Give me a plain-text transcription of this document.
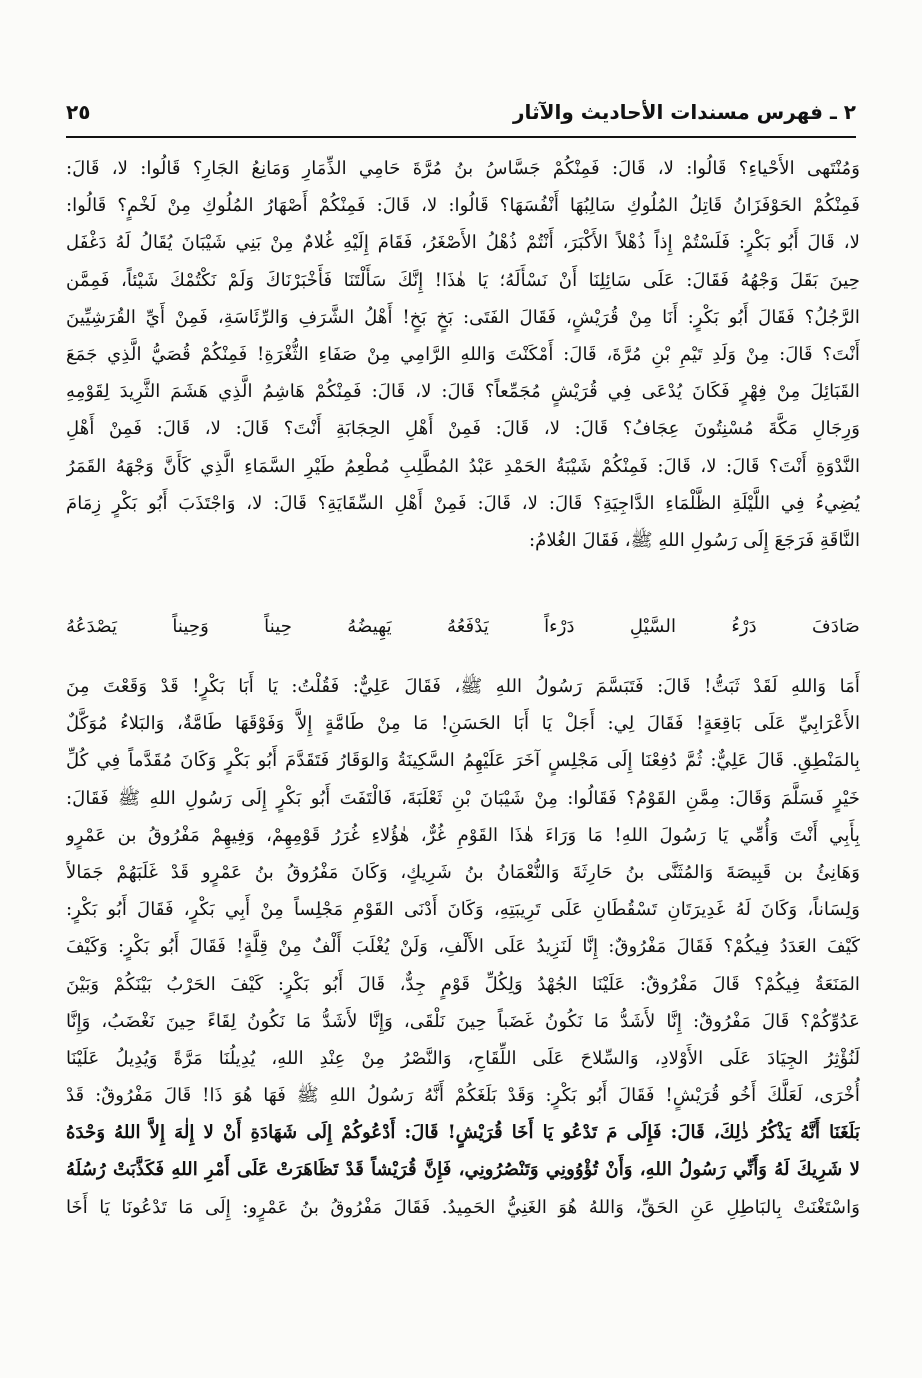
٢ ـ فهرس مسندات الأحاديث والآثار
٢٥
وَمُنْتَهى الأَحْياءِ؟ قَالُوا: لا، قَالَ: فَمِنْكُمْ جَسَّاسُ بنُ مُرَّةَ حَامِي الذِّمَارِ وَمَانِعُ الجَارِ؟ قَالُوا: لا، قَالَ:
فَمِنْكُمْ الحَوْفَزَانُ قَاتِلُ المُلُوكِ سَالِبُهَا أَنْفُسَهَا؟ قَالُوا: لا، قَالَ: فَمِنْكُمْ أَصْهَارُ المُلُوكِ مِنْ لَخْمٍ؟ قَالُوا:
لا، قَالَ أَبُو بَكْرٍ: فَلَسْتُمْ إِذاً ذُهْلاً الأَكْبَرَ، أَنْتُمْ ذُهْلُ الأَصْغَرُ، فَقَامَ إِلَيْهِ غُلامٌ مِنْ بَنِي شَيْبَانَ يُقَالُ لَهُ دَغْفَل
حِينَ بَقَلَ وَجْهُهُ فَقَالَ: عَلَى سَائِلِنَا أَنْ نَسْأَلَهُ؛ يَا هٰذَا! إِنَّكَ سَأَلْتَنَا فَأَخْبَرْنَاكَ وَلَمْ نَكْتُمْكَ شَيْئاً، فَمِمَّن
الرَّجُلُ؟ فَقَالَ أَبُو بَكْرٍ: أَنَا مِنْ قُرَيْشٍ، فَقَالَ الفَتَى: بَخٍ بَخٍ! أَهْلُ الشَّرَفِ وَالرِّئَاسَةِ، فَمِنْ أَيِّ القُرَشِيِّينَ
أَنْتَ؟ قَالَ: مِنْ وَلَدِ تَيْمِ بْنِ مُرَّةَ، قَالَ: أَمْكَنْتَ وَاللهِ الرَّامِي مِنْ صَفَاءِ الثُّغْرَةِ! فَمِنْكُمْ قُصَيُّ الَّذِي جَمَعَ
القَبَائِلَ مِنْ فِهْرٍ فَكَانَ يُدْعَى فِي قُرَيْشٍ مُجَمِّعاً؟ قَالَ: لا، قَالَ: فَمِنْكُمْ هَاشِمُ الَّذِي هَشَمَ الثَّرِيدَ لِقَوْمِهِ
وَرِجَالِ مَكَّةَ مُسْنِتُونَ عِجَافُ؟ قَالَ: لا، قَالَ: فَمِنْ أَهْلِ الحِجَابَةِ أَنْتَ؟ قَالَ: لا، قَالَ: فَمِنْ أَهْلِ
النَّدْوَةِ أَنْتَ؟ قَالَ: لا، قَالَ: فَمِنْكُمْ شَيْبَةُ الحَمْدِ عَبْدُ المُطَّلِبِ مُطْعِمُ طَيْرِ السَّمَاءِ الَّذِي كَأَنَّ وَجْهَهُ القَمَرُ
يُضِيءُ فِي اللَّيْلَةِ الظَّلْمَاءِ الدَّاجِيَةِ؟ قَالَ: لا، قَالَ: فَمِنْ أَهْلِ السِّقَايَةِ؟ قَالَ: لا، وَاجْتَذَبَ أَبُو بَكْرٍ زِمَامَ
النَّاقَةِ فَرَجَعَ إِلَى رَسُولِ اللهِ ﷺ، فَقَالَ الغُلامُ:
صَادَفَ
دَرْءُ
السَّيْلِ
دَرْءاً
يَدْفَعُهُ
يَهِيضُهُ
حِيناً
وَحِيناً
يَصْدَعُهُ
أَمَا وَاللهِ لَقَدْ ثَبَتُّ! قَالَ: فَتَبَسَّمَ رَسُولُ اللهِ ﷺ، فَقَالَ عَلِيٌّ: فَقُلْتُ: يَا أَبَا بَكْرٍ! قَدْ وَقَعْتَ مِنَ
الأَعْرَابِيِّ عَلَى بَاقِعَةٍ! فَقَالَ لِي: أَجَلْ يَا أَبَا الحَسَنِ! مَا مِنْ طَامَّةٍ إِلاَّ وَفَوْقَهَا طَامَّةٌ، وَالبَلاءُ مُوَكَّلٌ
بِالمَنْطِقِ. قَالَ عَلِيٌّ: ثُمَّ دُفِعْنَا إِلَى مَجْلِسٍ آخَرَ عَلَيْهِمُ السَّكِينَةُ وَالوَقَارُ فَتَقَدَّمَ أَبُو بَكْرٍ وَكَانَ مُقَدَّماً فِي كُلِّ
خَيْرٍ فَسَلَّمَ وَقَالَ: مِمَّنِ القَوْمُ؟ فَقَالُوا: مِنْ شَيْبَانَ بْنِ ثَعْلَبَةَ، فَالْتَفَتَ أَبُو بَكْرٍ إِلَى رَسُولِ اللهِ ﷺ فَقَالَ:
بِأَبِي أَنْتَ وَأُمِّي يَا رَسُولَ اللهِ! مَا وَرَاءَ هٰذَا القَوْمِ غُرٌّ، هٰؤُلاءِ غُرَرُ قَوْمِهِمْ، وَفِيهِمْ مَفْرُوقُ بن عَمْرٍو
وَهَانِئُ بن قَبِيصَةَ وَالمُثَنَّى بنُ حَارِثَةَ وَالنُّعْمَانُ بنُ شَرِيكٍ، وَكَانَ مَفْرُوقُ بنُ عَمْرٍو قَدْ غَلَبَهُمْ جَمَالاً
وَلِسَاناً، وَكَانَ لَهُ غَدِيرَتَانِ تَسْقُطَانِ عَلَى تَرِيبَتِهِ، وَكَانَ أَدْنَى القَوْمِ مَجْلِساً مِنْ أَبِي بَكْرٍ، فَقَالَ أَبُو بَكْرٍ:
كَيْفَ العَدَدُ فِيكُمْ؟ فَقَالَ مَفْرُوقٌ: إِنَّا لَنَزِيدُ عَلَى الأَلْفِ، وَلَنْ يُغْلَبَ أَلْفٌ مِنْ قِلَّةٍ! فَقَالَ أَبُو بَكْرٍ: وَكَيْفَ
المَنَعَةُ فِيكُمْ؟ قَالَ مَفْرُوقٌ: عَلَيْنَا الجُهْدُ وَلِكُلِّ قَوْمٍ جِدٌّ، قَالَ أَبُو بَكْرٍ: كَيْفَ الحَرْبُ بَيْنَكُمْ وَبَيْنَ
عَدُوِّكُمْ؟ قَالَ مَفْرُوقٌ: إِنَّا لأَشَدُّ مَا نَكُونُ غَضَباً حِينَ نَلْقَى، وَإِنَّا لأَشَدُّ مَا نَكُونُ لِقَاءً حِينَ نَغْضَبُ، وَإِنَّا
لَنُؤْثِرُ الجِيَادَ عَلَى الأَوْلادِ، وَالسِّلاحَ عَلَى اللِّقَاحِ، وَالنَّصْرُ مِنْ عِنْدِ اللهِ، يُدِيلُنَا مَرَّةً وَيُدِيلُ عَلَيْنَا
أُخْرَى، لَعَلَّكَ أَخُو قُرَيْشٍ! فَقَالَ أَبُو بَكْرٍ: وَقَدْ بَلَغَكُمْ أَنَّهُ رَسُولُ اللهِ ﷺ فَهَا هُوَ ذَا! قَالَ مَفْرُوقٌ: قَدْ
بَلَغَنَا أَنَّهُ يَذْكُرُ ذٰلِكَ، قَالَ: فَإِلَى مَ تَدْعُو يَا أَخَا قُرَيْشٍ! قَالَ: أَدْعُوكُمْ إِلَى شَهَادَةِ أَنْ لا إِلٰهَ إِلاَّ اللهُ وَحْدَهُ
لا شَرِيكَ لَهُ وَأَنِّي رَسُولُ اللهِ، وَأَنْ تُؤْوُونِي وَتَنْصُرُونِي، فَإِنَّ قُرَيْشاً قَدْ تَظَاهَرَتْ عَلَى أَمْرِ اللهِ فَكَذَّبَتْ رُسُلَهُ
وَاسْتَغْنَتْ بِالبَاطِلِ عَنِ الحَقِّ، وَاللهُ هُوَ الغَنِيُّ الحَمِيدُ. فَقَالَ مَفْرُوقُ بنُ عَمْرٍو: إِلَى مَا تَدْعُونَا يَا أَخَا
